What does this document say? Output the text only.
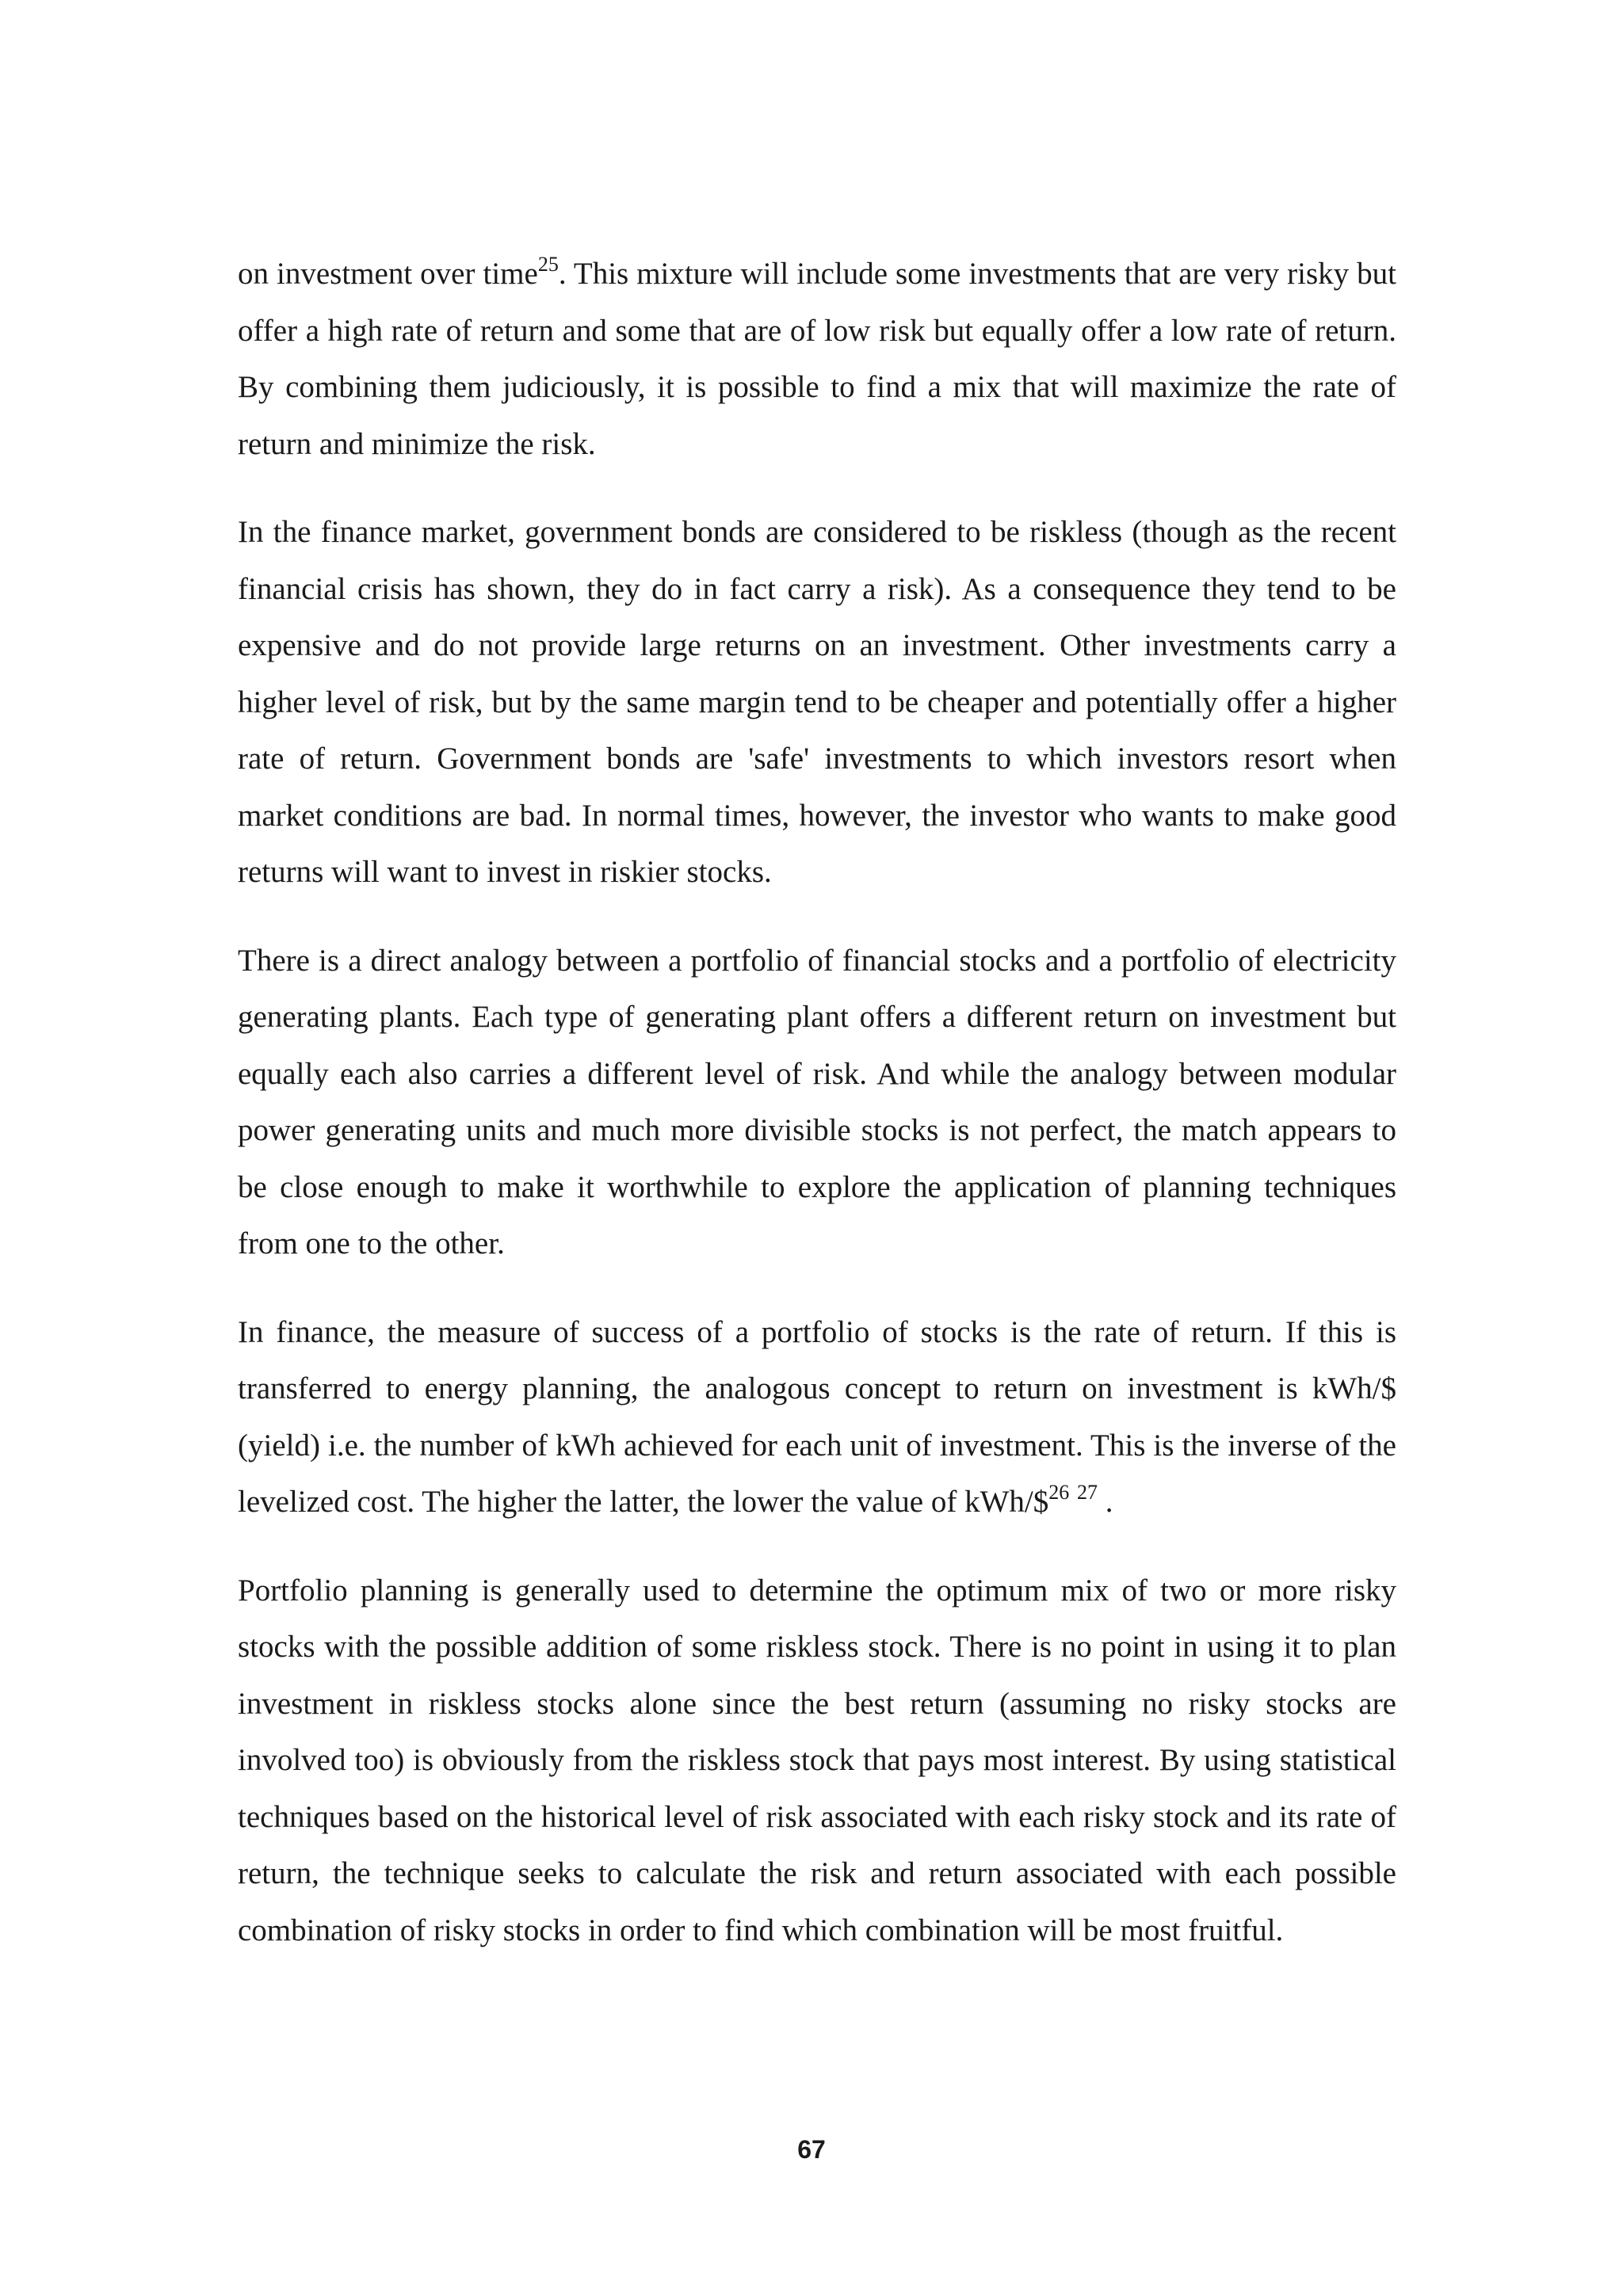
on investment over time$^{25}$. This mixture will include some investments that are very risky but offer a high rate of return and some that are of low risk but equally offer a low rate of return. By combining them judiciously, it is possible to find a mix that will maximize the rate of return and minimize the risk.

In the finance market, government bonds are considered to be riskless (though as the recent financial crisis has shown, they do in fact carry a risk). As a consequence they tend to be expensive and do not provide large returns on an investment. Other investments carry a higher level of risk, but by the same margin tend to be cheaper and potentially offer a higher rate of return. Government bonds are 'safe' investments to which investors resort when market conditions are bad. In normal times, however, the investor who wants to make good returns will want to invest in riskier stocks.

There is a direct analogy between a portfolio of financial stocks and a portfolio of electricity generating plants. Each type of generating plant offers a different return on investment but equally each also carries a different level of risk. And while the analogy between modular power generating units and much more divisible stocks is not perfect, the match appears to be close enough to make it worthwhile to explore the application of planning techniques from one to the other.

In finance, the measure of success of a portfolio of stocks is the rate of return. If this is transferred to energy planning, the analogous concept to return on investment is kWh/$ (yield) i.e. the number of kWh achieved for each unit of investment. This is the inverse of the levelized cost. The higher the latter, the lower the value of kWh/\$$^{26}$ $^{27}$ .

Portfolio planning is generally used to determine the optimum mix of two or more risky stocks with the possible addition of some riskless stock. There is no point in using it to plan investment in riskless stocks alone since the best return (assuming no risky stocks are involved too) is obviously from the riskless stock that pays most interest. By using statistical techniques based on the historical level of risk associated with each risky stock and its rate of return, the technique seeks to calculate the risk and return associated with each possible combination of risky stocks in order to find which combination will be most fruitful.

67
